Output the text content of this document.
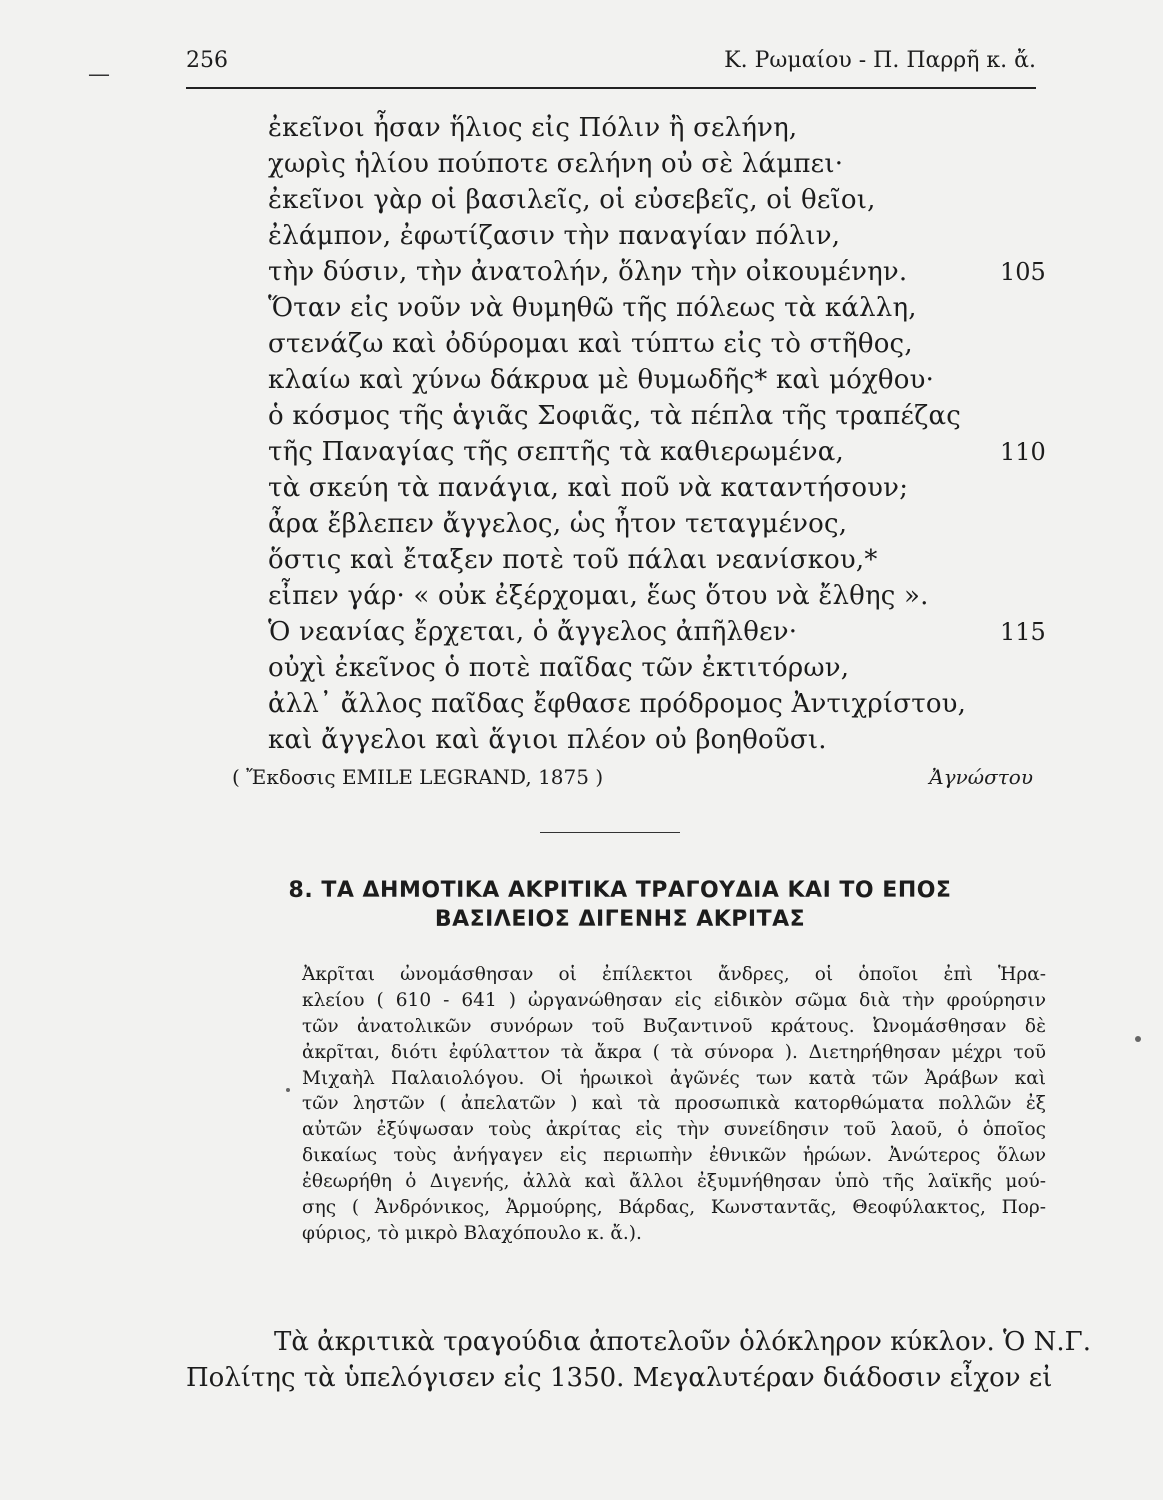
—
256	Κ. Ρωμαίου - Π. Παρρῆ κ. ἄ.
ἐκεῖνοι ἦσαν ἥλιος εἰς Πόλιν ἢ σελήνη,
χωρὶς ἡλίου πούποτε σελήνη οὐ σὲ λάμπει·
ἐκεῖνοι γὰρ οἱ βασιλεῖς, οἱ εὐσεβεῖς, οἱ θεῖοι,
ἐλάμπον, ἐφωτίζασιν τὴν παναγίαν πόλιν,
τὴν δύσιν, τὴν ἀνατολήν, ὅλην τὴν οἰκουμένην.	105
Ὅταν εἰς νοῦν νὰ θυμηθῶ τῆς πόλεως τὰ κάλλη,
στενάζω καὶ ὀδύρομαι καὶ τύπτω εἰς τὸ στῆθος,
κλαίω καὶ χύνω δάκρυα μὲ θυμωδῆς* καὶ μόχθου·
ὁ κόσμος τῆς ἁγιᾶς Σοφιᾶς, τὰ πέπλα τῆς τραπέζας
τῆς Παναγίας τῆς σεπτῆς τὰ καθιερωμένα,	110
τὰ σκεύη τὰ πανάγια, καὶ ποῦ νὰ καταντήσουν;
ἆρα ἔβλεπεν ἄγγελος, ὡς ἦτον τεταγμένος,
ὅστις καὶ ἔταξεν ποτὲ τοῦ πάλαι νεανίσκου,*
εἶπεν γάρ· « οὐκ ἐξέρχομαι, ἕως ὅτου νὰ ἔλθης ».
Ὁ νεανίας ἔρχεται, ὁ ἄγγελος ἀπῆλθεν·	115
οὐχὶ ἐκεῖνος ὁ ποτὲ παῖδας τῶν ἐκτιτόρων,
ἀλλ᾽ ἄλλος παῖδας ἔφθασε πρόδρομος Ἀντιχρίστου,
καὶ ἄγγελοι καὶ ἅγιοι πλέον οὐ βοηθοῦσι.
( Ἔκδοσις EMILE LEGRAND, 1875 )	Ἀγνώστου
8. ΤΑ ΔΗΜΟΤΙΚΑ ΑΚΡΙΤΙΚΑ ΤΡΑΓΟΥΔΙΑ ΚΑΙ ΤΟ ΕΠΟΣ
ΒΑΣΙΛΕΙΟΣ ΔΙΓΕΝΗΣ ΑΚΡΙΤΑΣ
Ἀκρῖται ὠνομάσθησαν οἱ ἐπίλεκτοι ἄνδρες, οἱ ὁποῖοι ἐπὶ Ἡρα-
κλείου ( 610 - 641 ) ὠργανώθησαν εἰς εἰδικὸν σῶμα διὰ τὴν φρούρησιν
τῶν ἀνατολικῶν συνόρων τοῦ Βυζαντινοῦ κράτους. Ὠνομάσθησαν δὲ
ἀκρῖται, διότι ἐφύλαττον τὰ ἄκρα ( τὰ σύνορα ). Διετηρήθησαν μέχρι τοῦ
Μιχαὴλ Παλαιολόγου. Οἱ ἡρωικοὶ ἀγῶνές των κατὰ τῶν Ἀράβων καὶ
τῶν ληστῶν ( ἀπελατῶν ) καὶ τὰ προσωπικὰ κατορθώματα πολλῶν ἐξ
αὐτῶν ἐξύψωσαν τοὺς ἀκρίτας εἰς τὴν συνείδησιν τοῦ λαοῦ, ὁ ὁποῖος
δικαίως τοὺς ἀνήγαγεν εἰς περιωπὴν ἐθνικῶν ἡρώων. Ἀνώτερος ὅλων
ἐθεωρήθη ὁ Διγενής, ἀλλὰ καὶ ἄλλοι ἐξυμνήθησαν ὑπὸ τῆς λαϊκῆς μού-
σης ( Ἀνδρόνικος, Ἀρμούρης, Βάρδας, Κωνσταντᾶς, Θεοφύλακτος, Πορ-
φύριος, τὸ μικρὸ Βλαχόπουλο κ. ἄ.).
Τὰ ἀκριτικὰ τραγούδια ἀποτελοῦν ὁλόκληρον κύκλον. Ὁ Ν.Γ.
Πολίτης τὰ ὑπελόγισεν εἰς 1350. Μεγαλυτέραν διάδοσιν εἶχον εἰ
